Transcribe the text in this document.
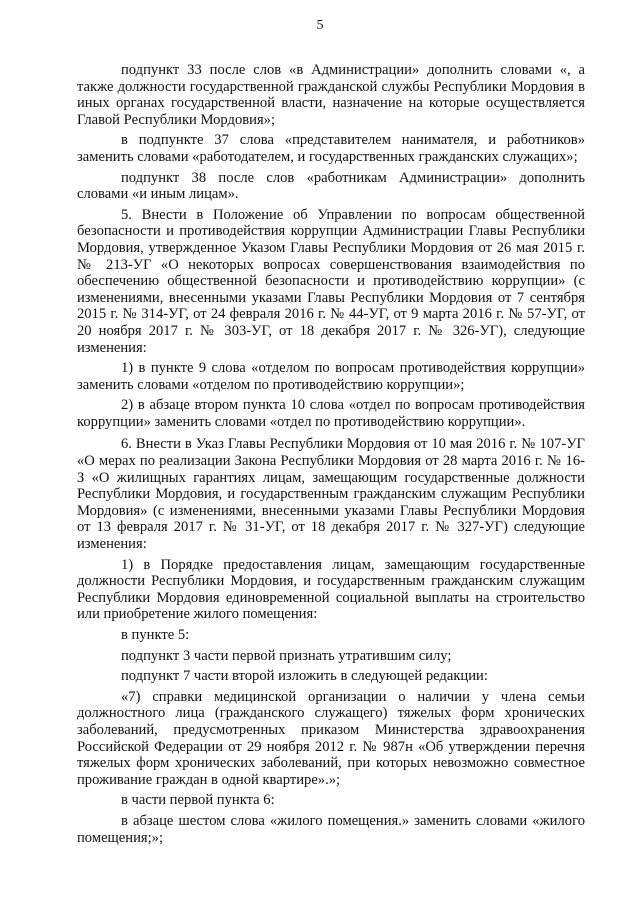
5

подпункт 33 после слов «в Администрации» дополнить словами «, а также должности государственной гражданской службы Республики Мордовия в иных органах государственной власти, назначение на которые осуществляется Главой Республики Мордовия»;

в подпункте 37 слова «представителем нанимателя, и работников» заменить словами «работодателем, и государственных гражданских служащих»;

подпункт 38 после слов «работникам Администрации» дополнить словами «и иным лицам».

5. Внести в Положение об Управлении по вопросам общественной безопасности и противодействия коррупции Администрации Главы Республики Мордовия, утвержденное Указом Главы Республики Мордовия от 26 мая 2015 г. № 213-УГ «О некоторых вопросах совершенствования взаимодействия по обеспечению общественной безопасности и противодействию коррупции» (с изменениями, внесенными указами Главы Республики Мордовия от 7 сентября 2015 г. № 314-УГ, от 24 февраля 2016 г. № 44-УГ, от 9 марта 2016 г. № 57-УГ, от 20 ноября 2017 г. № 303-УГ, от 18 декабря 2017 г. № 326-УГ), следующие изменения:

1) в пункте 9 слова «отделом по вопросам противодействия коррупции» заменить словами «отделом по противодействию коррупции»;

2) в абзаце втором пункта 10 слова «отдел по вопросам противодействия коррупции» заменить словами «отдел по противодействию коррупции».

6. Внести в Указ Главы Республики Мордовия от 10 мая 2016 г. № 107-УГ «О мерах по реализации Закона Республики Мордовия от 28 марта 2016 г. № 16-З «О жилищных гарантиях лицам, замещающим государственные должности Республики Мордовия, и государственным гражданским служащим Республики Мордовия» (с изменениями, внесенными указами Главы Республики Мордовия от 13 февраля 2017 г. № 31-УГ, от 18 декабря 2017 г. № 327-УГ) следующие изменения:

1) в Порядке предоставления лицам, замещающим государственные должности Республики Мордовия, и государственным гражданским служащим Республики Мордовия единовременной социальной выплаты на строительство или приобретение жилого помещения:

в пункте 5:

подпункт 3 части первой признать утратившим силу;

подпункт 7 части второй изложить в следующей редакции:

«7) справки медицинской организации о наличии у члена семьи должностного лица (гражданского служащего) тяжелых форм хронических заболеваний, предусмотренных приказом Министерства здравоохранения Российской Федерации от 29 ноября 2012 г. № 987н «Об утверждении перечня тяжелых форм хронических заболеваний, при которых невозможно совместное проживание граждан в одной квартире».»;

в части первой пункта 6:

в абзаце шестом слова «жилого помещения.» заменить словами «жилого помещения;»;
